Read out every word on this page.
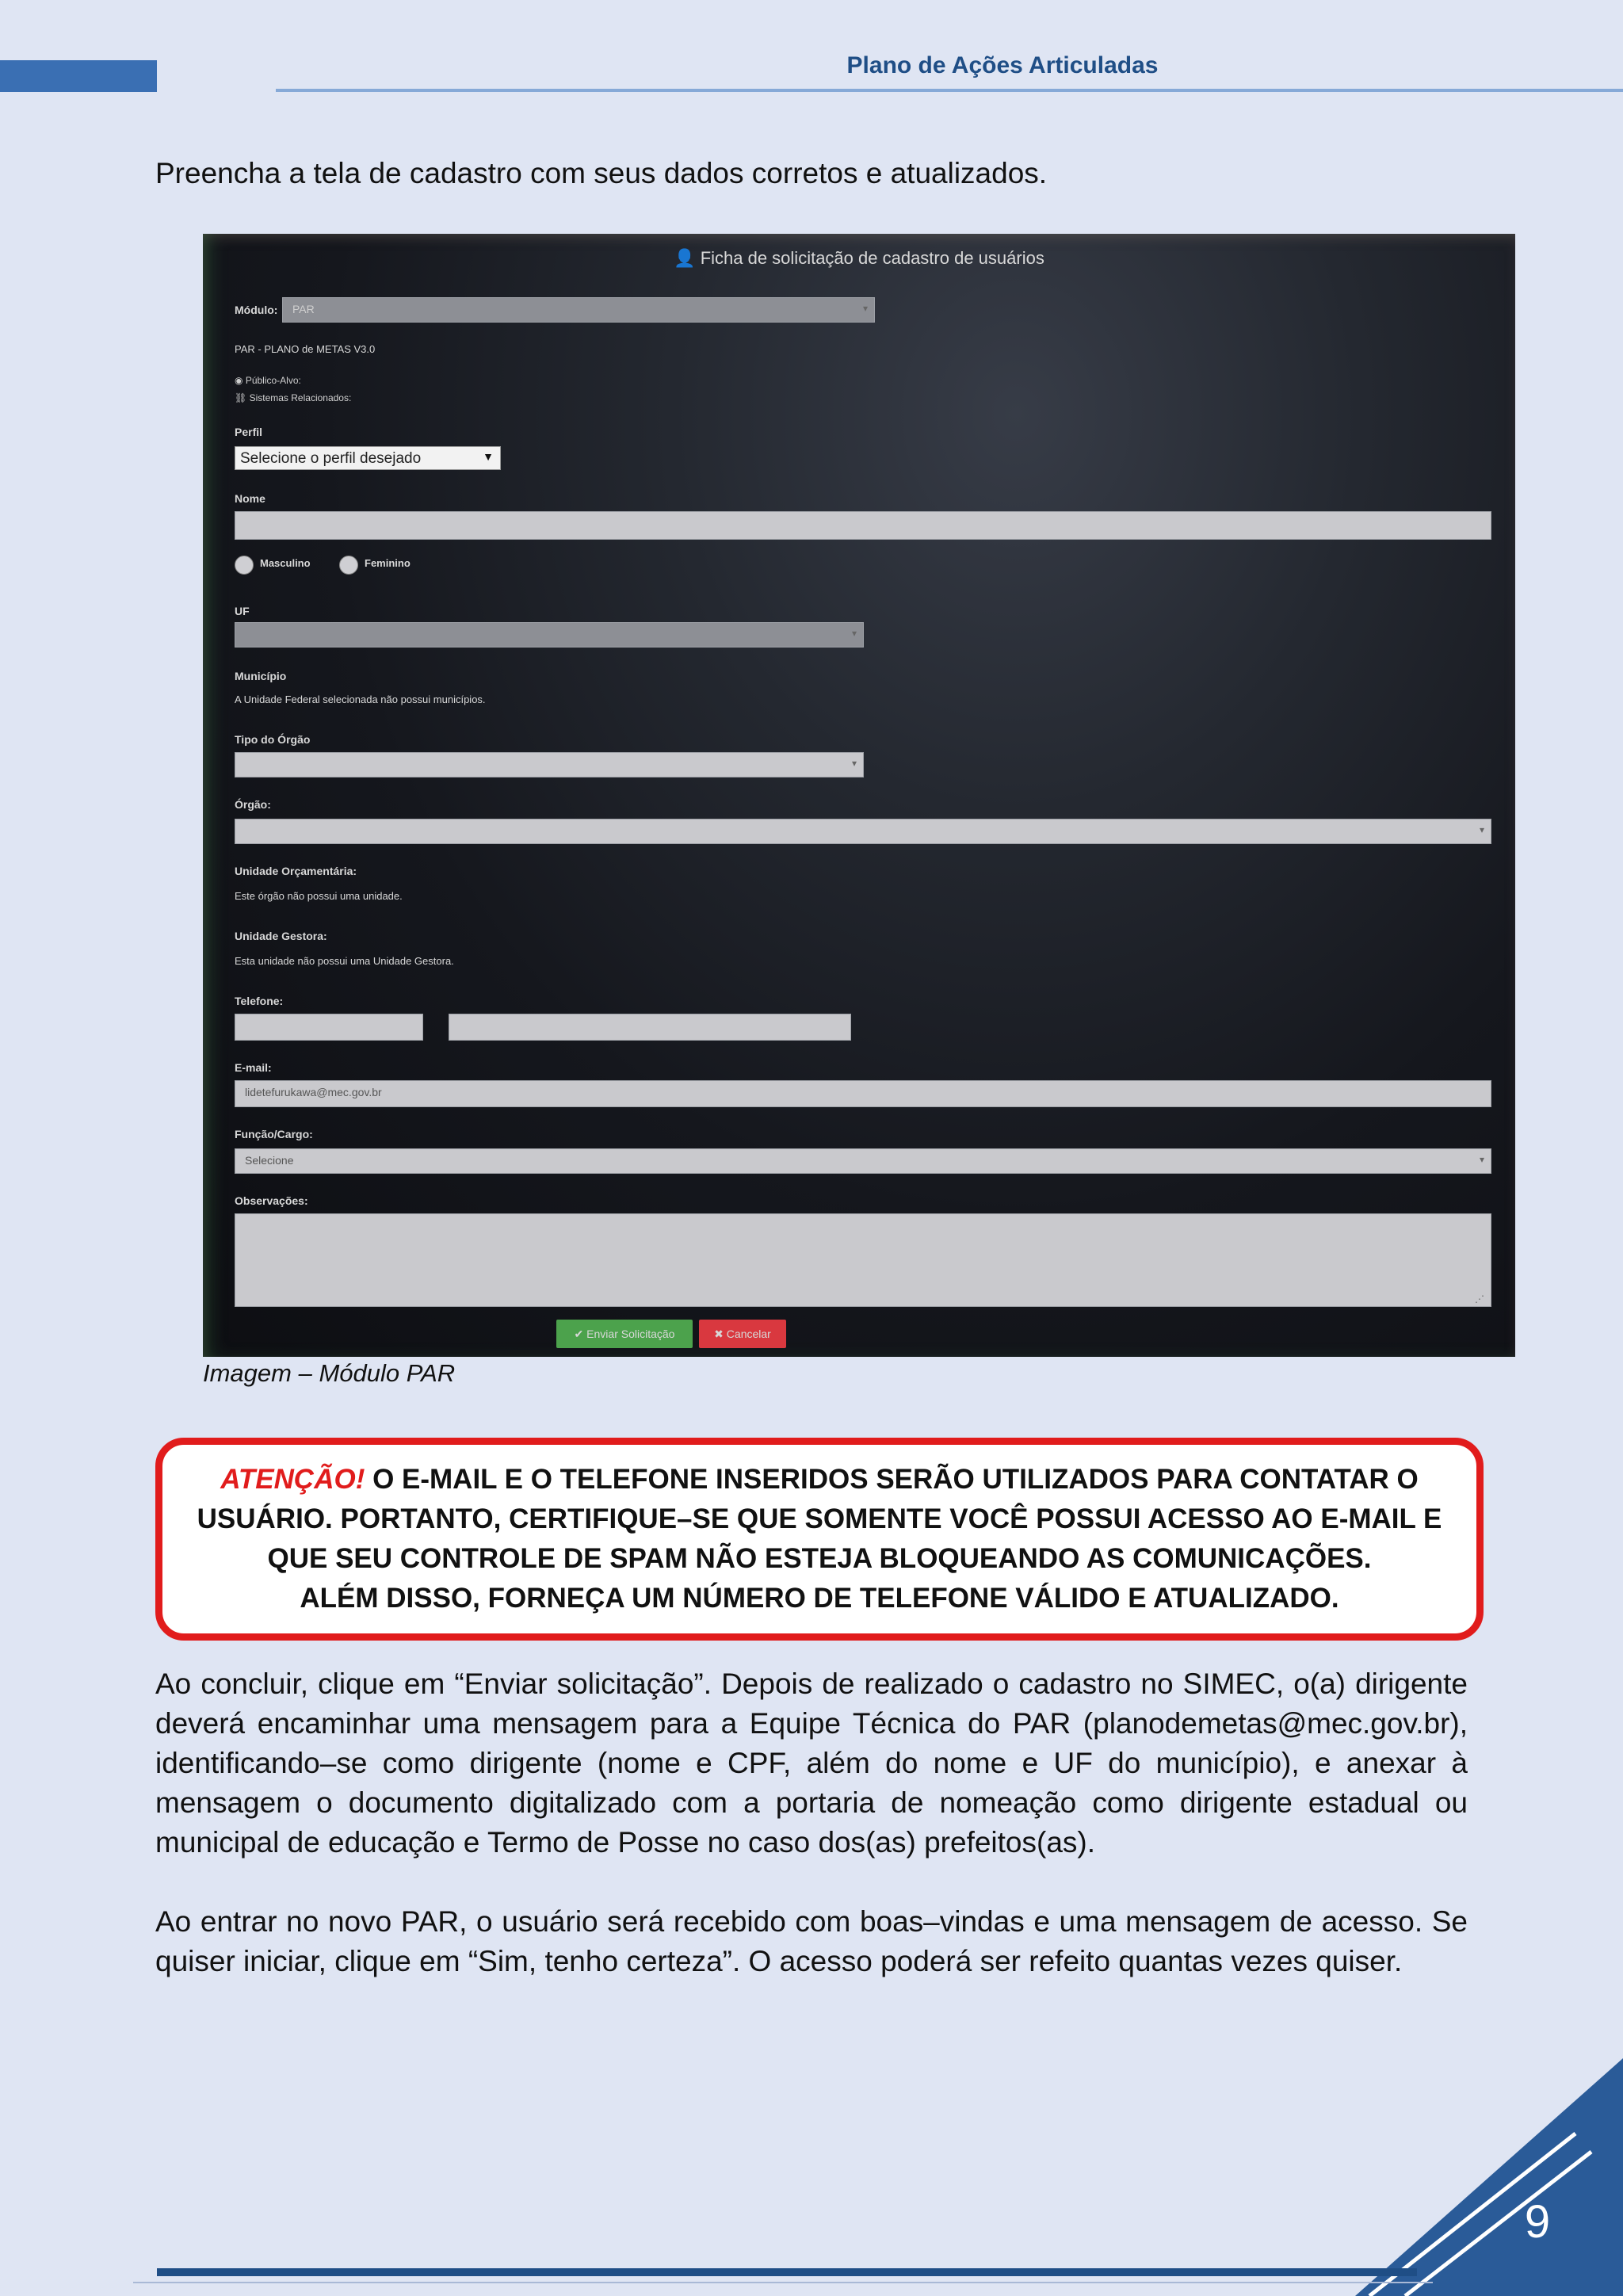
Plano de Ações Articuladas
Preencha a tela de cadastro com seus dados corretos e atualizados.
👤 Ficha de solicitação de cadastro de usuários
Módulo: PAR	▾
PAR - PLANO de METAS V3.0
◉ Público-Alvo:
⛓ Sistemas Relacionados:
Perfil
Selecione o perfil desejado	▼
Nome
Masculino	Feminino
UF
▾
Município
A Unidade Federal selecionada não possui municípios.
Tipo do Órgão
▾
Órgão:
▾
Unidade Orçamentária:
Este órgão não possui uma unidade.
Unidade Gestora:
Esta unidade não possui uma Unidade Gestora.
Telefone:
E-mail:
lidetefurukawa@mec.gov.br
Função/Cargo:
Selecione	▾
Observações:
⋰
✔ Enviar Solicitação	✖ Cancelar
Imagem – Módulo PAR
ATENÇÃO! O E-MAIL E O TELEFONE INSERIDOS SERÃO UTILIZADOS PARA CONTATAR O
USUÁRIO. PORTANTO, CERTIFIQUE–SE QUE SOMENTE VOCÊ POSSUI ACESSO AO E-MAIL E
QUE SEU CONTROLE DE SPAM NÃO ESTEJA BLOQUEANDO AS COMUNICAÇÕES.
ALÉM DISSO, FORNEÇA UM NÚMERO DE TELEFONE VÁLIDO E ATUALIZADO.
Ao concluir, clique em “Enviar solicitação”. Depois de realizado o cadastro no SIMEC, o(a) dirigente deverá encaminhar uma mensagem para a Equipe Técnica do PAR (planodemetas@mec.gov.br), identificando–se como dirigente (nome e CPF, além do nome e UF do município), e anexar à mensagem o documento digitalizado com a portaria de nomeação como dirigente estadual ou municipal de educação e Termo de Posse no caso dos(as) prefeitos(as).
Ao entrar no novo PAR, o usuário será recebido com boas–vindas e uma mensagem de acesso. Se quiser iniciar, clique em “Sim, tenho certeza”. O acesso poderá ser refeito quantas vezes quiser.
9
